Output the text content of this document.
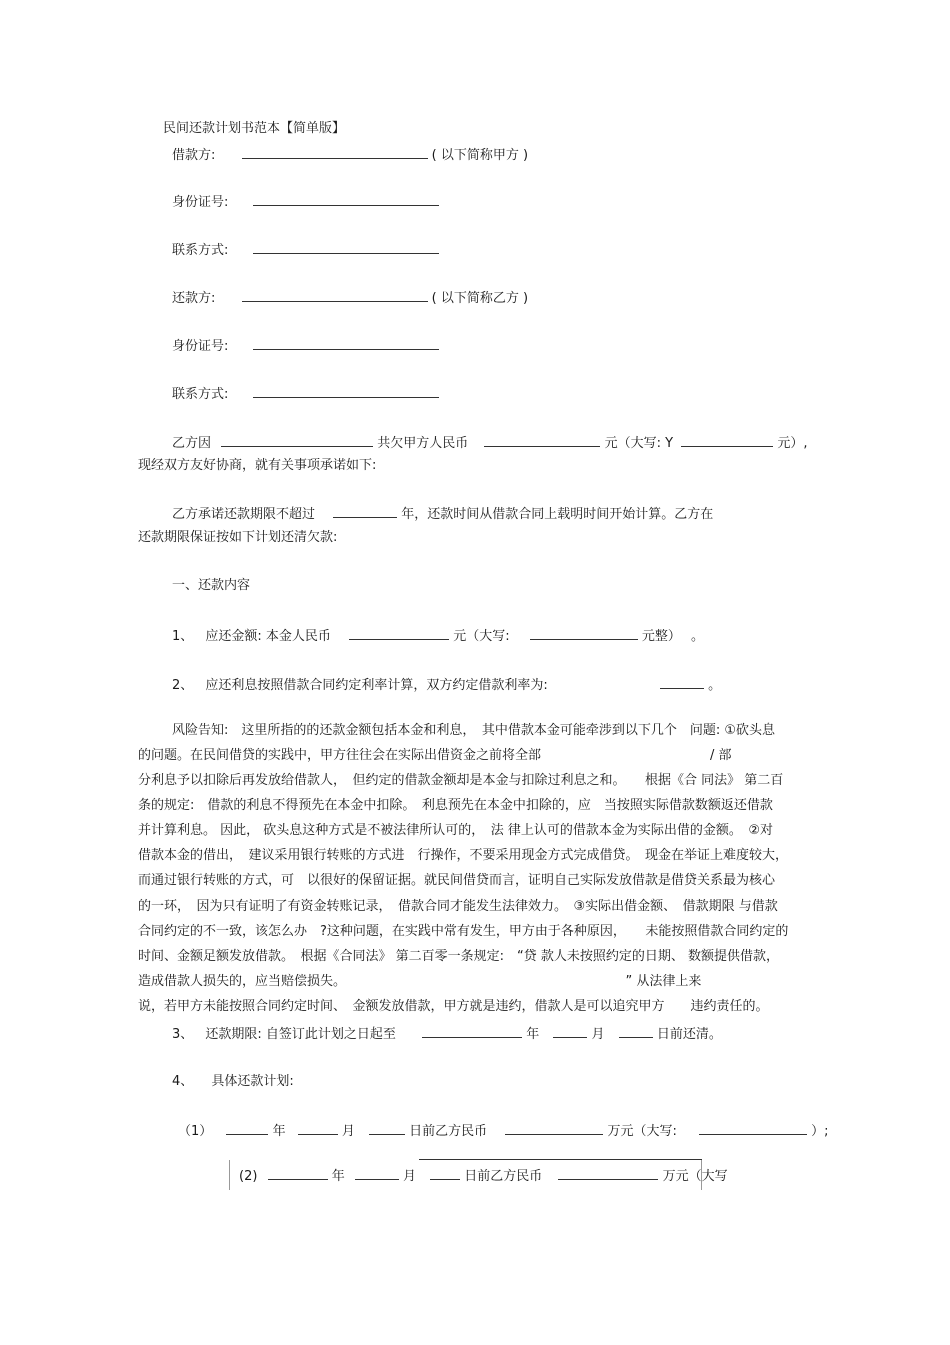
民间还款计划书范本【简单版】
借款方:	( 以下简称甲方 )
身份证号:
联系方式:
还款方:	( 以下简称乙方 )
身份证号:
联系方式:
乙方因	共欠甲方人民币	元（大写: Y	元）,
现经双方友好协商，就有关事项承诺如下:
乙方承诺还款期限不超过	年，还款时间从借款合同上载明时间开始计算。乙方在
还款期限保证按如下计划还清欠款:
一、还款内容
1、 应还金额: 本金人民币	元（大写:	元整） 。
2、 应还利息按照借款合同约定利率计算，双方约定借款利率为:	。
风险告知:　这里所指的的还款金额包括本金和利息，　其中借款本金可能牵涉到以下几个　问题: ①砍头息
的问题。在民间借贷的实践中，甲方往往会在实际出借资金之前将全部　　　　　　　　　　　　　/ 部
分利息予以扣除后再发放给借款人，　但约定的借款金额却是本金与扣除过利息之和。　　根据《合 同法》 第二百
条的规定:　借款的利息不得预先在本金中扣除。　利息预先在本金中扣除的，应　当按照实际借款数额返还借款
并计算利息。 因此， 砍头息这种方式是不被法律所认可的，　法 律上认可的借款本金为实际出借的金额。　②对
借款本金的借出，　建议采用银行转账的方式进　行操作，不要采用现金方式完成借贷。　现金在举证上难度较大，
而通过银行转账的方式，可　以很好的保留证据。就民间借贷而言，证明自己实际发放借款是借贷关系最为核心
的一环，　因为只有证明了有资金转账记录，　借款合同才能发生法律效力。　③实际出借金额、　借款期限 与借款
合同约定的不一致，该怎么办　?这种问题，在实践中常有发生，甲方由于各种原因，　　未能按照借款合同约定的
时间、金额足额发放借款。　根据《合同法》 第二百零一条规定:　“贷 款人未按照约定的日期、 数额提供借款，
造成借款人损失的，应当赔偿损失。　　　　　　　　　　　　　　　　　　　　　　” 从法律上来
说，若甲方未能按照合同约定时间、　金额发放借款，甲方就是违约，借款人是可以追究甲方　　违约责任的。
3、 还款期限: 自签订此计划之日起至	年	月	日前还清。
4、 具体还款计划:
（1）	年	月	日前乙方民币	万元（大写:	）;
(2)	年	月	日前乙方民币	万元（大写
